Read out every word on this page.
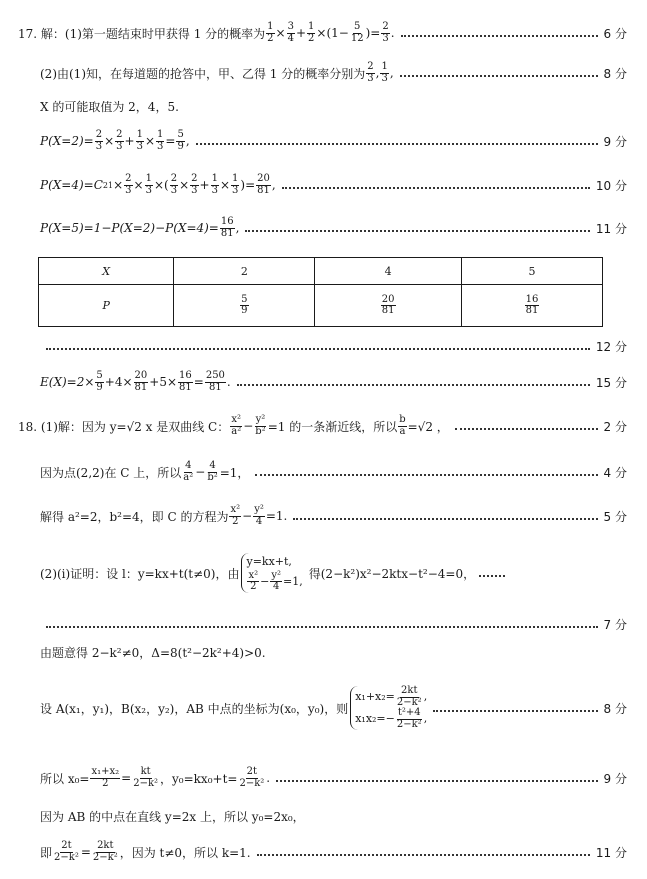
17. 解：(1)第一题结束时甲获得 1 分的概率为 $\frac{1}{2} \times \frac{3}{4} + \frac{1}{2} \times(1- \frac{5}{12}$ )= $\frac{2}{3}$ .	6 分
(2)由(1)知，在每道题的抢答中，甲、乙得 1 分的概率分别为 $\frac{2}{3}$ , $\frac{1}{3}$ ,	8 分
X 的可能取值为 2，4，5.
$P(X=2)= \frac{2}{3} \times \frac{2}{3} + \frac{1}{3} \times \frac{1}{3} = \frac{5}{9}$ ,	9 分
P(X=4)=C 2 $1 \times \frac{2}{3} \times \frac{1}{3}$ ×( $\frac{2}{3} \times \frac{2}{3} + \frac{1}{3} \times \frac{1}{3}$ )= $\frac{20}{81}$ ,	10 分
$P(X=5)=1-P(X=2)-P(X=4)= \frac{16}{81}$ ,	11 分
X	2	4	5
P	$\frac{5}{9}$	$\frac{20}{81}$	$\frac{16}{81}$
12 分
$E(X)=2\times \frac{5}{9} +4\times \frac{20}{81} +5\times \frac{16}{81} = \frac{250}{81}$ .	15 分
18. (1)解：因为 y=√2 x 是双曲线 C： $\frac{\text{x²}}{\text{a²}} - \frac{\text{y²}}{\text{b²}} =1$ 的一条渐近线，所以 $\frac{b}{a} =√2$ ，	2 分
因为点(2,2)在 C 上，所以 $\frac{4}{\text{a²}} - \frac{4}{\text{b²}} =1$，	4 分
解得 a²=2，b²=4，即 C 的方程为 $\frac{\text{x²}}{2} - \frac{\text{y²}}{4} =1$.	5 分
(2)(i)证明：设 l：y=kx+t(t≠0)，由
y=kx+t,
$\frac{\text{x²}}{2} - \frac{\text{y²}}{4} =1$,
得(2−k²)x²−2ktx−t²−4=0，
7 分
由题意得 2−k²≠0，Δ=8(t²−2k²+4)>0.
设 A(x₁，y₁)，B(x₂，y₂)，AB 中点的坐标为(x₀，y₀)，则
$x_1+x_2= \frac{2kt}{\text{2−k²}}$ ,
$x_1x_2=- \frac{\text{t²+4}}{\text{2−k²}}$ ,
8 分
所以 $x_0= \frac{\text{x₁+x₂}}{2} = \frac{kt}{\text{2−k²}}$ ，$y_0=kx_0+t= \frac{2t}{\text{2−k²}}$ .	9 分
因为 AB 的中点在直线 y=2x 上，所以 y₀=2x₀，
即 $\frac{2t}{\text{2−k²}} = \frac{2kt}{\text{2−k²}}$ ，因为 t≠0，所以 k=1.	11 分
